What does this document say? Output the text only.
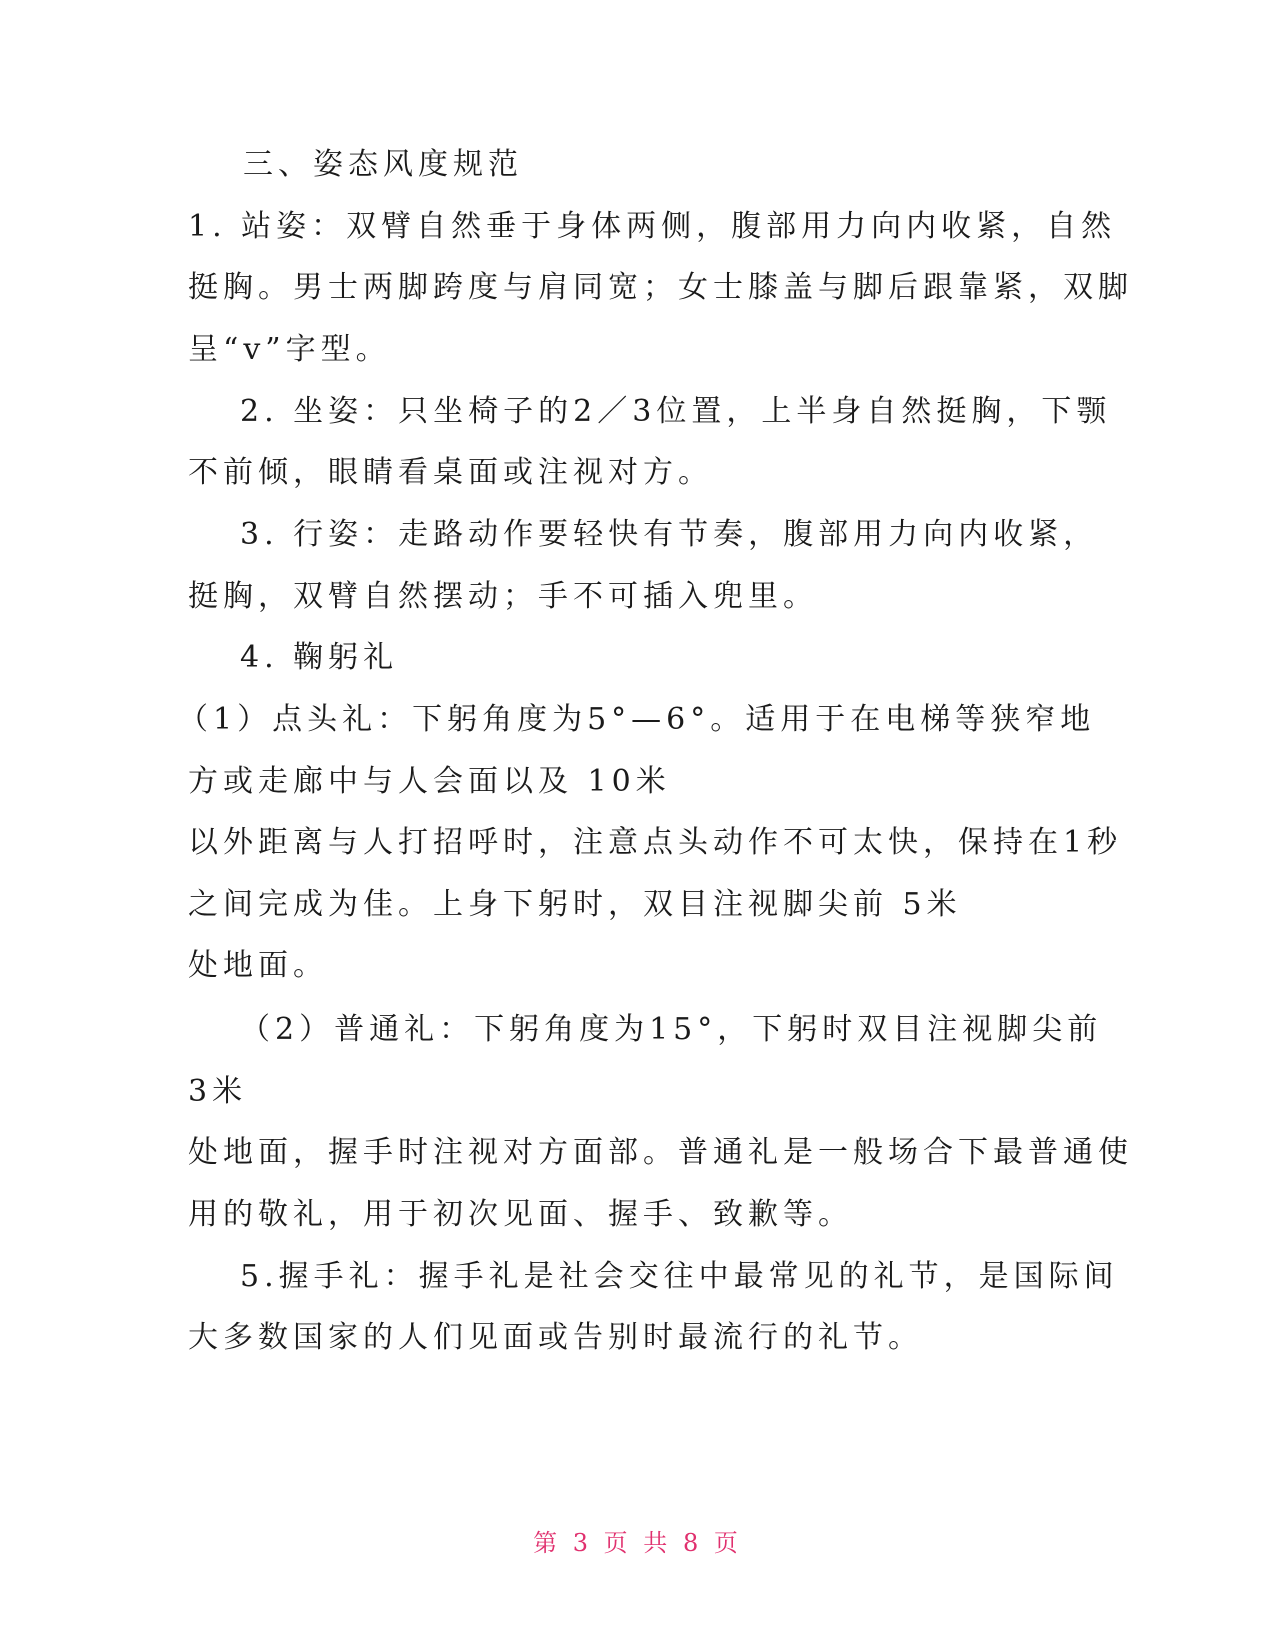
三、姿态风度规范
1. 站姿：双臂自然垂于身体两侧，腹部用力向内收紧，自然
挺胸。男士两脚跨度与肩同宽；女士膝盖与脚后跟靠紧，双脚
呈“v”字型。
2. 坐姿：只坐椅子的2／3位置，上半身自然挺胸，下颚
不前倾，眼睛看桌面或注视对方。
3. 行姿：走路动作要轻快有节奏，腹部用力向内收紧，
挺胸，双臂自然摆动；手不可插入兜里。
4. 鞠躬礼
（1）点头礼：下躬角度为5°—6°。适用于在电梯等狭窄地
方或走廊中与人会面以及 10米
以外距离与人打招呼时，注意点头动作不可太快，保持在1秒
之间完成为佳。上身下躬时，双目注视脚尖前 5米
处地面。
（2）普通礼：下躬角度为15°，下躬时双目注视脚尖前
3米
处地面，握手时注视对方面部。普通礼是一般场合下最普通使
用的敬礼，用于初次见面、握手、致歉等。
5.握手礼：握手礼是社会交往中最常见的礼节，是国际间
大多数国家的人们见面或告别时最流行的礼节。
第 3 页 共 8 页
